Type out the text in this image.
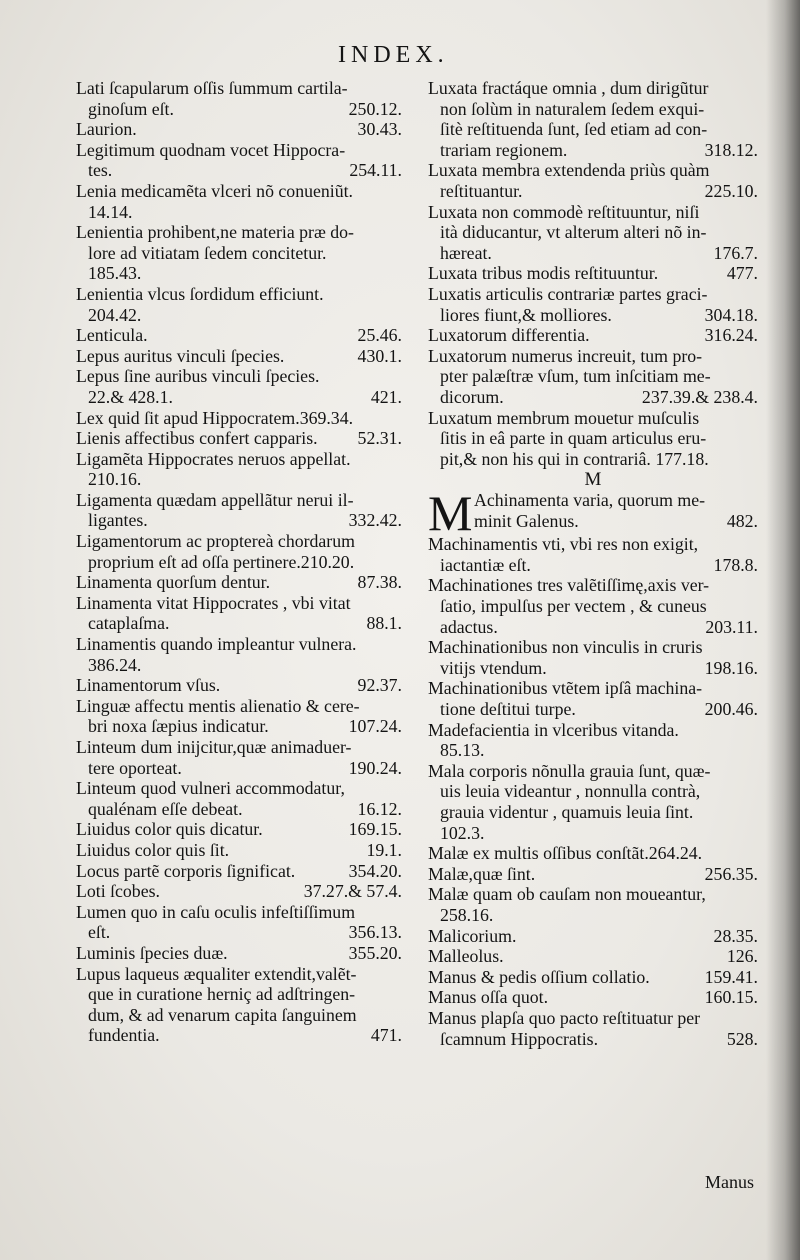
INDEX.
Lati ſcapularum oſſis ſummum cartila-
ginoſum eſt.	250.12.
Laurion.	30.43.
Legitimum quodnam vocet Hippocra-
tes.	254.11.
Lenia medicamẽta vlceri nõ conueniũt.
14.14.
Lenientia prohibent,ne materia præ do-
lore ad vitiatam ſedem concitetur.
185.43.
Lenientia vlcus ſordidum efficiunt.
204.42.
Lenticula.	25.46.
Lepus auritus vinculi ſpecies.	430.1.
Lepus ſine auribus vinculi ſpecies.
22.& 428.1.	421.
Lex quid ſit apud Hippocratem.369.34.
Lienis affectibus confert capparis. 52.31.
Ligamẽta Hippocrates neruos appellat.
210.16.
Ligamenta quædam appellãtur nerui il-
ligantes.	332.42.
Ligamentorum ac proptereà chordarum
proprium eſt ad oſſa pertinere.210.20.
Linamenta quorſum dentur.	87.38.
Linamenta vitat Hippocrates , vbi vitat
cataplaſma.	88.1.
Linamentis quando impleantur vulnera.
386.24.
Linamentorum vſus.	92.37.
Linguæ affectu mentis alienatio & cere-
bri noxa ſæpius indicatur.	107.24.
Linteum dum inijcitur,quæ animaduer-
tere oporteat.	190.24.
Linteum quod vulneri accommodatur,
qualénam eſſe debeat.	16.12.
Liuidus color quis dicatur.	169.15.
Liuidus color quis ſit.	19.1.
Locus partẽ corporis ſignificat.	354.20.
Loti ſcobes.	37.27.& 57.4.
Lumen quo in caſu oculis infeſtiſſimum
eſt.	356.13.
Luminis ſpecies duæ.	355.20.
Lupus laqueus æqualiter extendit,valẽt-
que in curatione herniç ad adſtringen-
dum, & ad venarum capita ſanguinem
fundentia.	471.
Luxata fractáque omnia , dum dirigũtur
non ſolùm in naturalem ſedem exqui-
ſitè reſtituenda ſunt, ſed etiam ad con-
trariam regionem.	318.12.
Luxata membra extendenda priùs quàm
reſtituantur.	225.10.
Luxata non commodè reſtituuntur, niſi
ità diducantur, vt alterum alteri nõ in-
hæreat.	176.7.
Luxata tribus modis reſtituuntur.	477.
Luxatis articulis contrariæ partes graci-
liores fiunt,& molliores.	304.18.
Luxatorum differentia.	316.24.
Luxatorum numerus increuit, tum pro-
pter palæſtræ vſum, tum inſcitiam me-
dicorum.	237.39.& 238.4.
Luxatum membrum mouetur muſculis
ſitis in eâ parte in quam articulus eru-
pit,& non his qui in contrariâ. 177.18.
M
M Achinamenta varia, quorum me-
minit Galenus.	482.
Machinamentis vti, vbi res non exigit,
iactantiæ eſt.	178.8.
Machinationes tres valẽtiſſimę,axis ver-
ſatio, impulſus per vectem , & cuneus
adactus.	203.11.
Machinationibus non vinculis in cruris
vitijs vtendum.	198.16.
Machinationibus vtẽtem ipſâ machina-
tione deſtitui turpe.	200.46.
Madefacientia in vlceribus vitanda.
85.13.
Mala corporis nõnulla grauia ſunt, quæ-
uis leuia videantur , nonnulla contrà,
grauia videntur , quamuis leuia ſint.
102.3.
Malæ ex multis oſſibus conſtãt.264.24.
Malæ,quæ ſint.	256.35.
Malæ quam ob cauſam non moueantur,
258.16.
Malicorium.	28.35.
Malleolus.	126.
Manus & pedis oſſium collatio.	159.41.
Manus oſſa quot.	160.15.
Manus plapſa quo pacto reſtituatur per
ſcamnum Hippocratis.	528.
Manus
